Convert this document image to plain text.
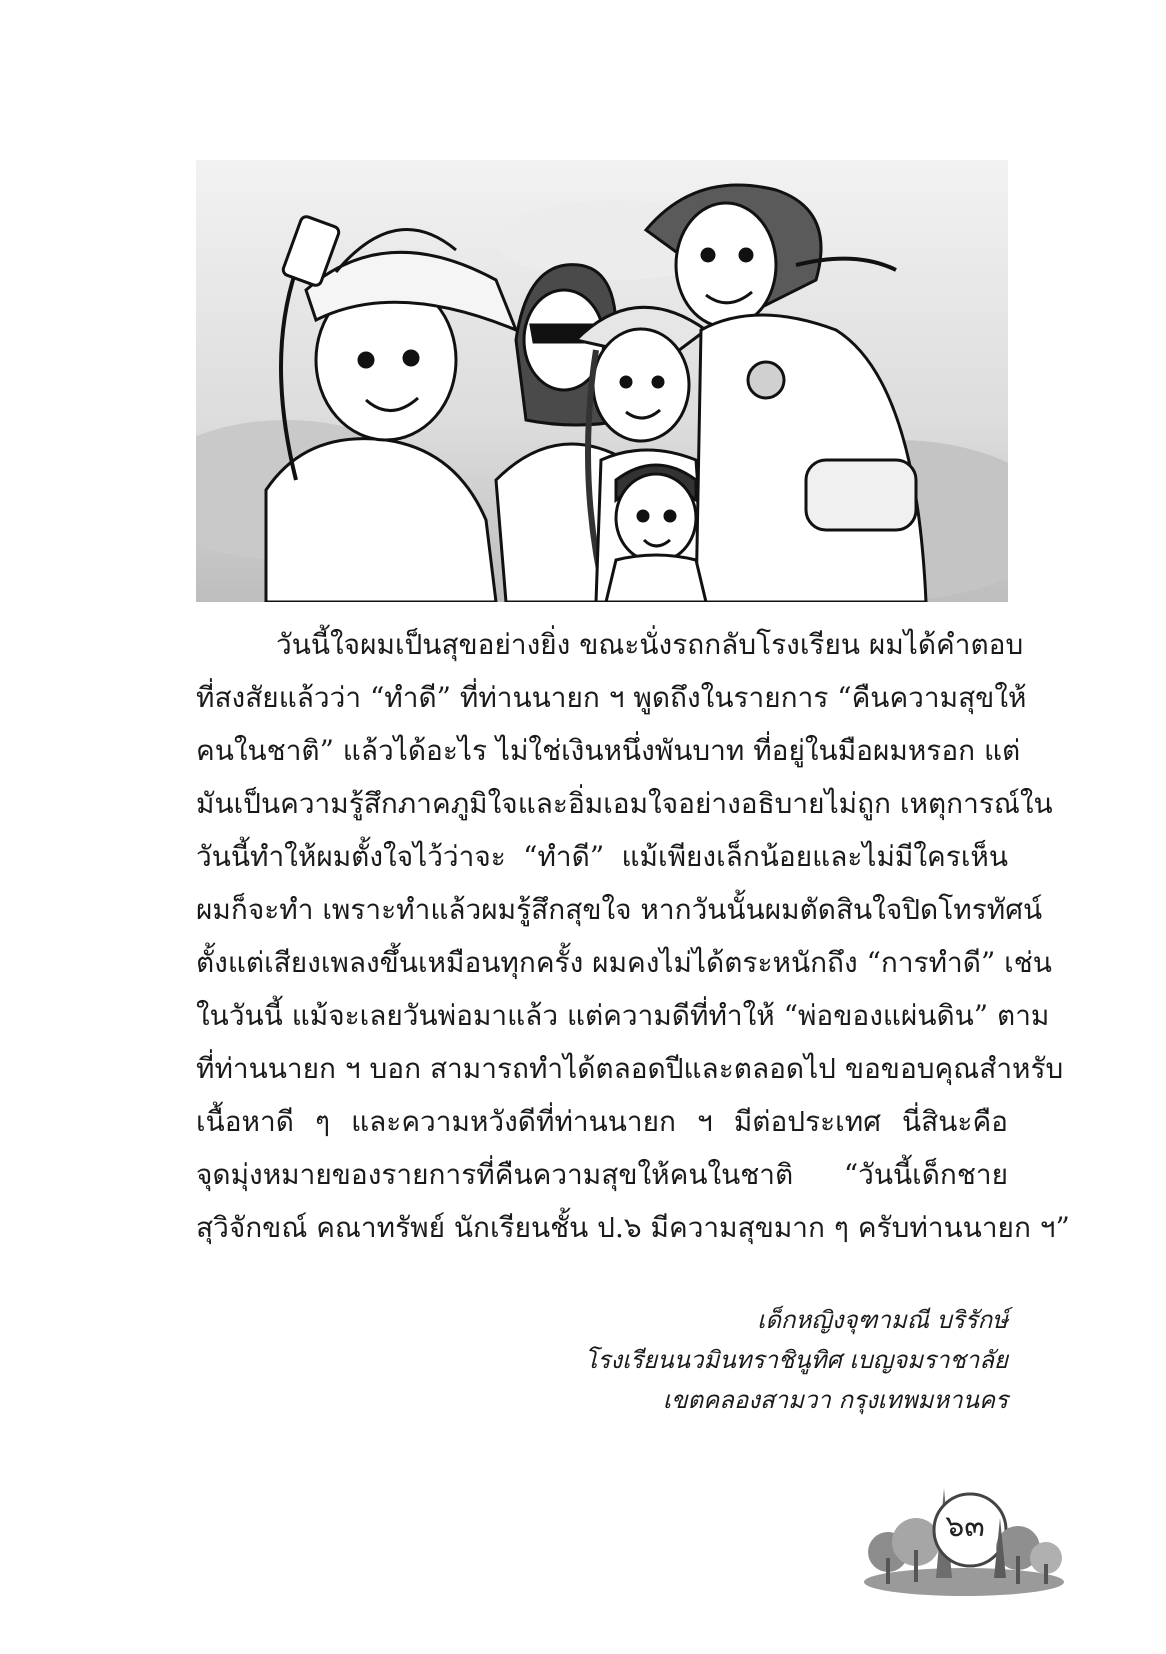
วันนี้ใจผมเป็นสุขอย่างยิ่ง ขณะนั่งรถกลับโรงเรียน ผมได้คำตอบ
ที่สงสัยแล้วว่า “ทำดี” ที่ท่านนายก ฯ พูดถึงในรายการ “คืนความสุขให้
คนในชาติ” แล้วได้อะไร ไม่ใช่เงินหนึ่งพันบาท ที่อยู่ในมือผมหรอก แต่
มันเป็นความรู้สึกภาคภูมิใจและอิ่มเอมใจอย่างอธิบายไม่ถูก เหตุการณ์ใน
วันนี้ทำให้ผมตั้งใจไว้ว่าจะ “ทำดี” แม้เพียงเล็กน้อยและไม่มีใครเห็น
ผมก็จะทำ เพราะทำแล้วผมรู้สึกสุขใจ หากวันนั้นผมตัดสินใจปิดโทรทัศน์
ตั้งแต่เสียงเพลงขึ้นเหมือนทุกครั้ง ผมคงไม่ได้ตระหนักถึง “การทำดี” เช่น
ในวันนี้ แม้จะเลยวันพ่อมาแล้ว แต่ความดีที่ทำให้ “พ่อของแผ่นดิน” ตาม
ที่ท่านนายก ฯ บอก สามารถทำได้ตลอดปีและตลอดไป ขอขอบคุณสำหรับ
เนื้อหาดี ๆ และความหวังดีที่ท่านนายก ฯ มีต่อประเทศ นี่สินะคือ
จุดมุ่งหมายของรายการที่คืนความสุขให้คนในชาติ “วันนี้เด็กชาย
สุวิจักขณ์ คณาทรัพย์ นักเรียนชั้น ป.๖ มีความสุขมาก ๆ ครับท่านนายก ฯ”
เด็กหญิงจุฑามณี บริรักษ์
โรงเรียนนวมินทราชินูทิศ เบญจมราชาลัย
เขตคลองสามวา กรุงเทพมหานคร
๖๓
